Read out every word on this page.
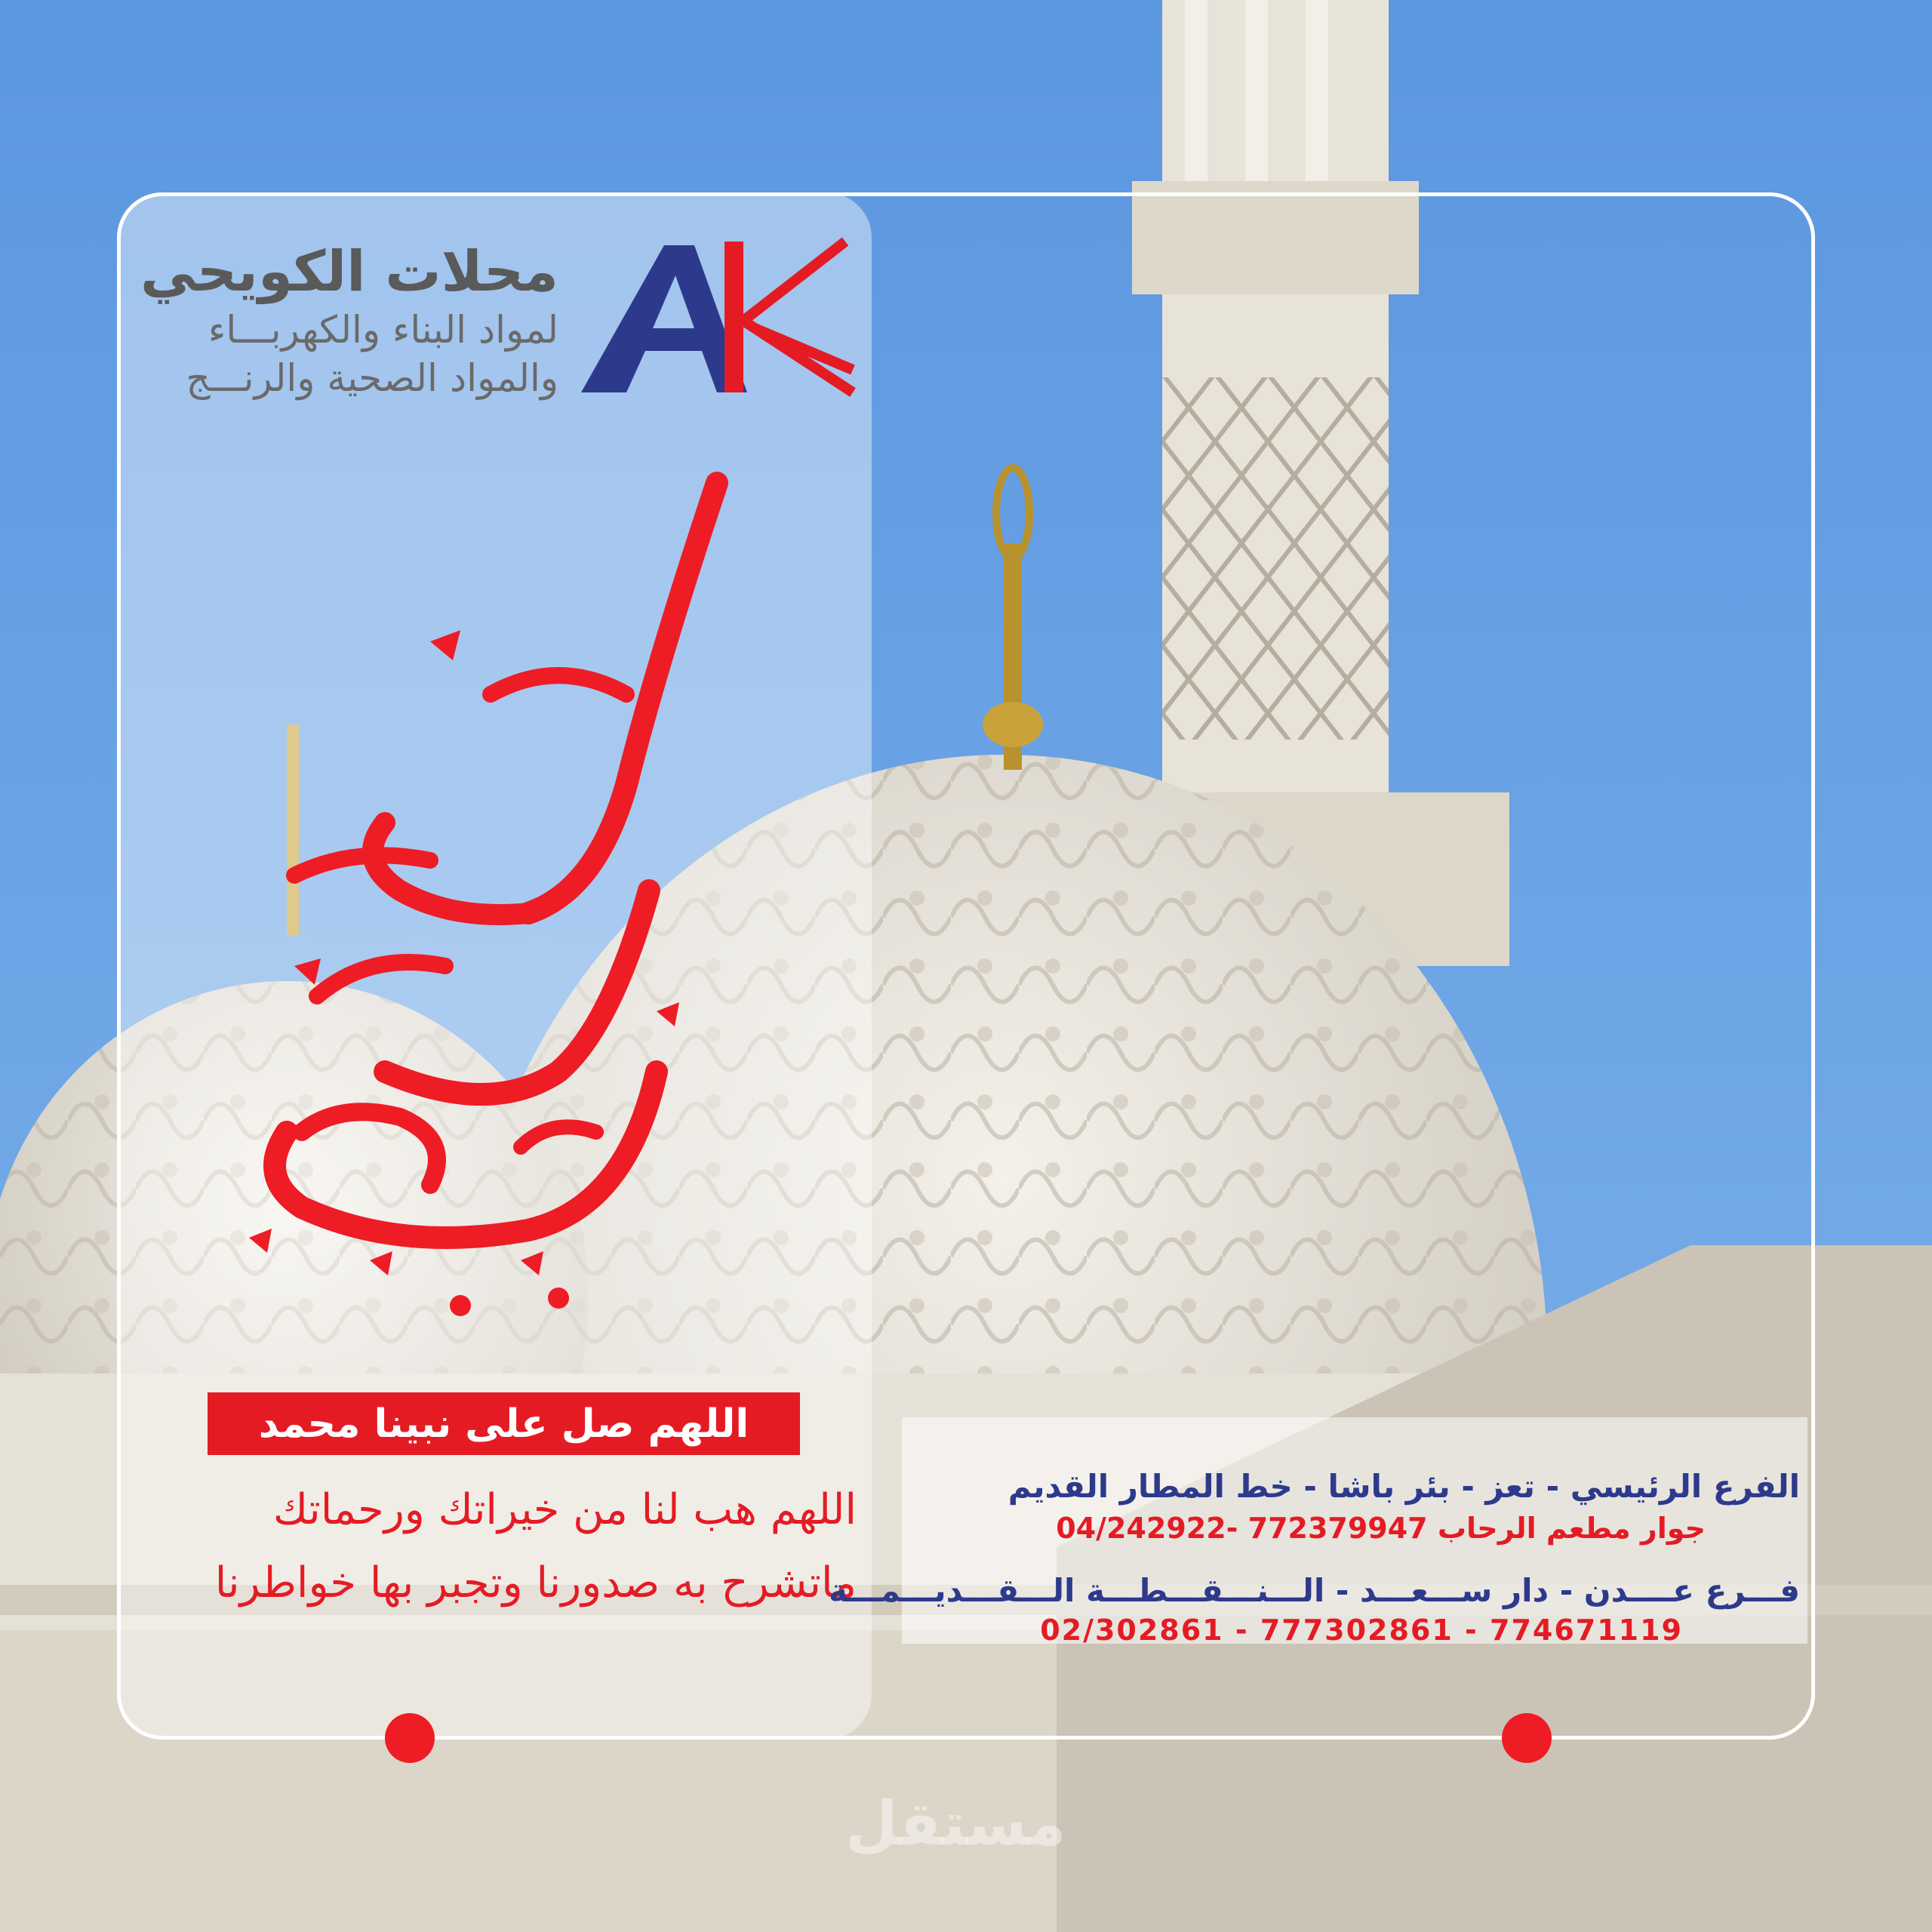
محلات الكويحي
لمواد البناء والكهربـــاء
والمواد الصحية والرنـــج
اللهم صل على نبينا محمد
اللهم هب لنا من خيراتك ورحماتك
ماتشرح به صدورنا وتجبر بها خواطرنا
الفرع الرئيسي - تعز - بئر باشا - خط المطار القديم
جوار مطعم الرحاب 772379947 -04/242922
فـــرع عــــدن - دار ســـعـــد - الـــنـــقـــطـــة الـــقـــديـــمـــة
774671119 - 777302861 - 02/302861
مستقل
